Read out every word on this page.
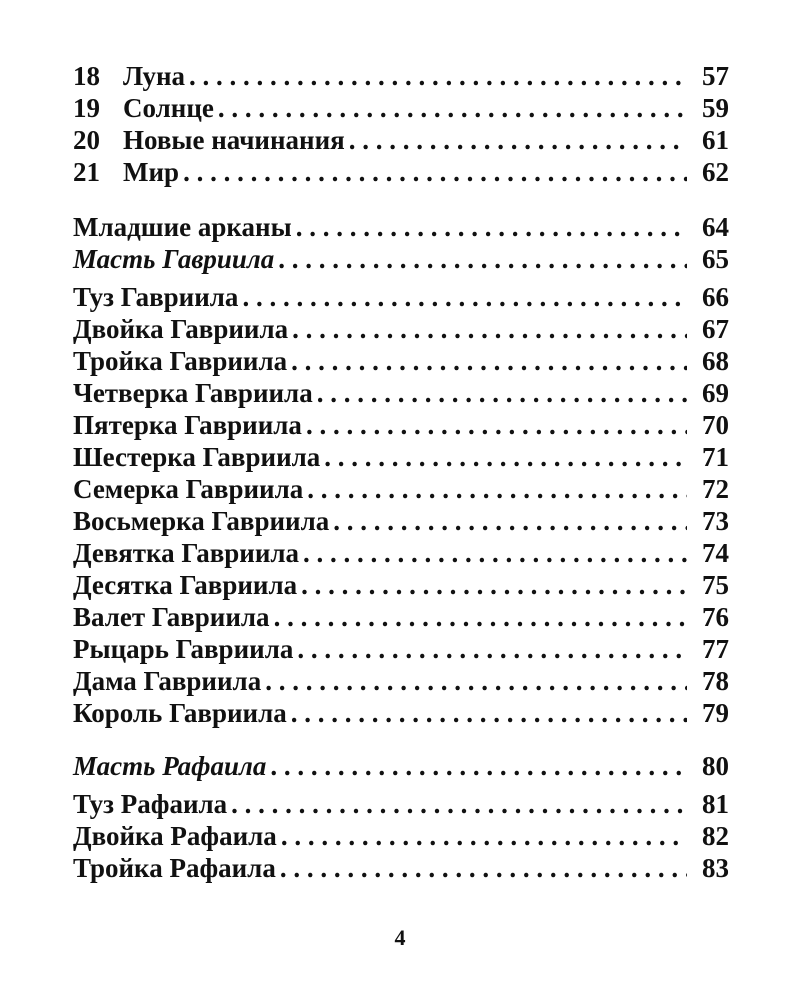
18 Луна . . .	57
19 Солнце . . .	59
20 Новые начинания . . .	61
21 Мир . . .	62
Младшие арканы . . .	64
Масть Гавриила . . .	65
Туз Гавриила . . .	66
Двойка Гавриила . . .	67
Тройка Гавриила . . .	68
Четверка Гавриила . . .	69
Пятерка Гавриила . . .	70
Шестерка Гавриила . . .	71
Семерка Гавриила . . .	72
Восьмерка Гавриила . . .	73
Девятка Гавриила . . .	74
Десятка Гавриила . . .	75
Валет Гавриила . . .	76
Рыцарь Гавриила . . .	77
Дама Гавриила . . .	78
Король Гавриила . . .	79
Масть Рафаила . . .	80
Туз Рафаила . . .	81
Двойка Рафаила . . .	82
Тройка Рафаила . . .	83
4
